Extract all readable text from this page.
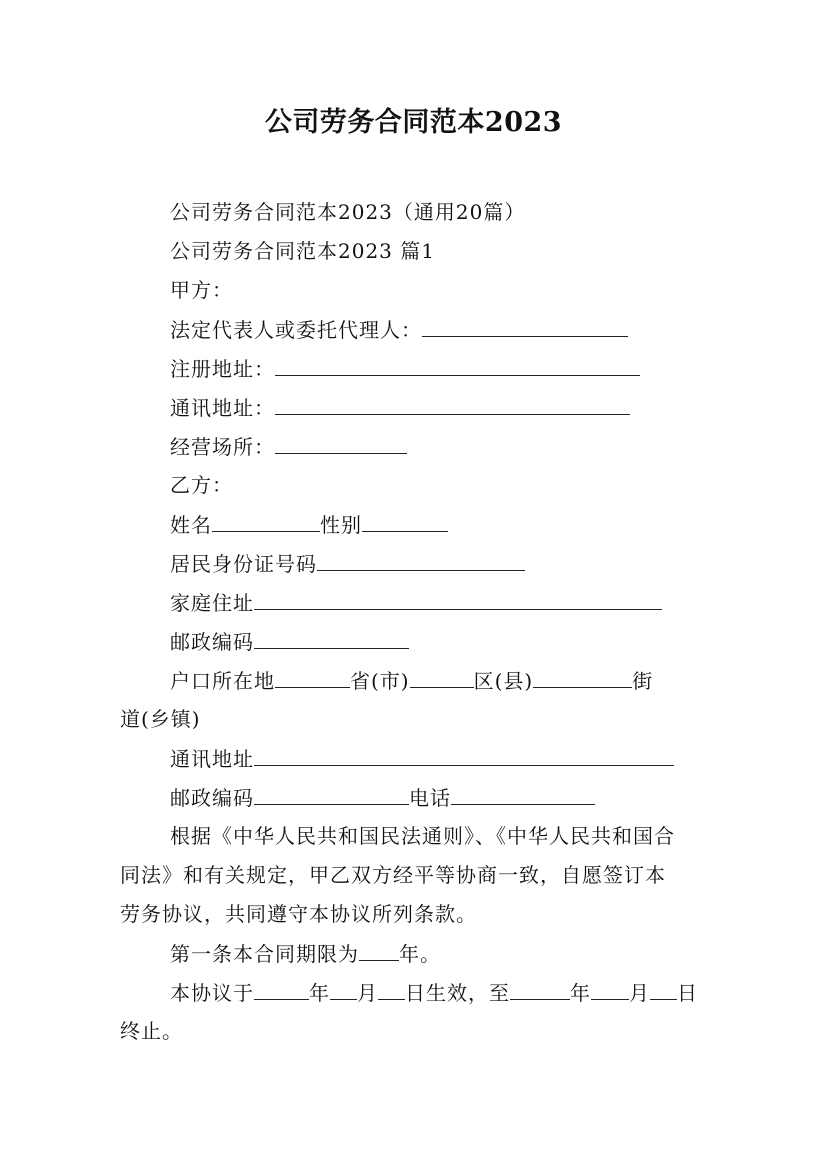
公司劳务合同范本2023
公司劳务合同范本2023（通用20篇）
公司劳务合同范本2023 篇1
甲方：
法定代表人或委托代理人：
注册地址：
通讯地址：
经营场所：
乙方：
姓名	性别
居民身份证号码
家庭住址
邮政编码
户口所在地	省(市)	区(县)	街
道(乡镇)
通讯地址
邮政编码	电话
根据《中华人民共和国民法通则》、《中华人民共和国合
同法》和有关规定，甲乙双方经平等协商一致，自愿签订本
劳务协议，共同遵守本协议所列条款。
第一条本合同期限为 年。
本协议于	年 月 日生效，至	年 月 日
终止。
